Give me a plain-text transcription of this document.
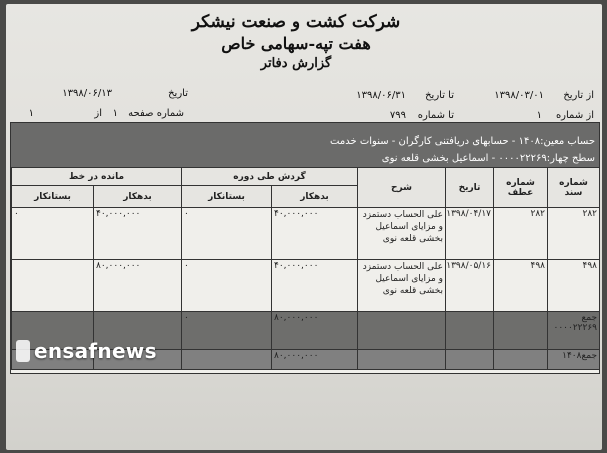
شرکت کشت و صنعت نیشکر
هفت تپه-سهامی خاص
گزارش دفاتر
از تاریخ
۱۳۹۸/۰۳/۰۱
تا تاریخ
۱۳۹۸/۰۶/۳۱
تاریخ
۱۳۹۸/۰۶/۱۳
از شماره
۱
تا شماره
۷۹۹
شماره صفحه
۱
از
۱
حساب معین:۱۴۰۸ - حسابهای دریافتنی کارگران - سنوات خدمت
سطح چهار:۰۰۰۰۲۲۲۶۹ - اسماعیل بخشی قلعه نوی
مانده در خط		گردش طی دوره		شرح	تاریخ	شماره عطف	شماره سند
بستانکار	بدهکار	بستانکار	بدهکار				
۰	۴۰,۰۰۰,۰۰۰	۰	۴۰,۰۰۰,۰۰۰	علی الحساب دستمزد و مزایای اسماعیل بخشی قلعه نوی	۱۳۹۸/۰۴/۱۷	۲۸۲	۲۸۲
	۸۰,۰۰۰,۰۰۰	۰	۴۰,۰۰۰,۰۰۰	علی الحساب دستمزد و مزایای اسماعیل بخشی قلعه نوی	۱۳۹۸/۰۵/۱۶	۴۹۸	۴۹۸
		۰	۸۰,۰۰۰,۰۰۰				جمع ۰۰۰۰۲۲۲۶۹
			۸۰,۰۰۰,۰۰۰				جمع۱۴۰۸
ensafnews
